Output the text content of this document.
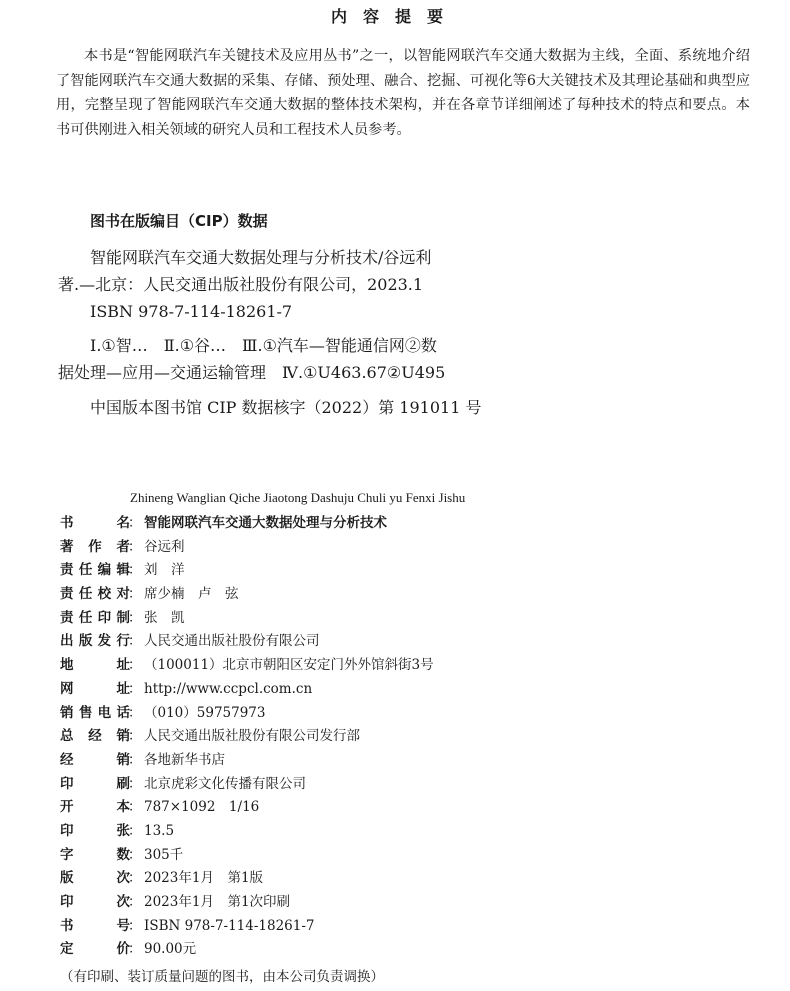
内容提要
本书是“智能网联汽车关键技术及应用丛书”之一，以智能网联汽车交通大数据为主线，全面、系统地介绍了智能网联汽车交通大数据的采集、存储、预处理、融合、挖掘、可视化等6大关键技术及其理论基础和典型应用，完整呈现了智能网联汽车交通大数据的整体技术架构，并在各章节详细阐述了每种技术的特点和要点。本书可供刚进入相关领域的研究人员和工程技术人员参考。
图书在版编目（CIP）数据
智能网联汽车交通大数据处理与分析技术/谷远利
著.—北京：人民交通出版社股份有限公司，2023.1
ISBN 978-7-114-18261-7
Ⅰ.①智…　Ⅱ.①谷…　Ⅲ.①汽车—智能通信网②数
据处理—应用—交通运输管理　Ⅳ.①U463.67②U495
中国版本图书馆 CIP 数据核字（2022）第 191011 号
Zhineng Wanglian Qiche Jiaotong Dashuju Chuli yu Fenxi Jishu
书名
： 智能网联汽车交通大数据处理与分析技术
著作者
： 谷远利
责任编辑
： 刘　洋
责任校对
： 席少楠　卢　弦
责任印制
： 张　凯
出版发行
： 人民交通出版社股份有限公司
地址
： （100011）北京市朝阳区安定门外外馆斜街3号
网址
： http://www.ccpcl.com.cn
销售电话
： （010）59757973
总经销
： 人民交通出版社股份有限公司发行部
经销
： 各地新华书店
印刷
： 北京虎彩文化传播有限公司
开本
： 787×1092　1/16
印张
： 13.5
字数
： 305千
版次
： 2023年1月　第1版
印次
： 2023年1月　第1次印刷
书号
： ISBN 978-7-114-18261-7
定价
： 90.00元
（有印刷、装订质量问题的图书，由本公司负责调换）
